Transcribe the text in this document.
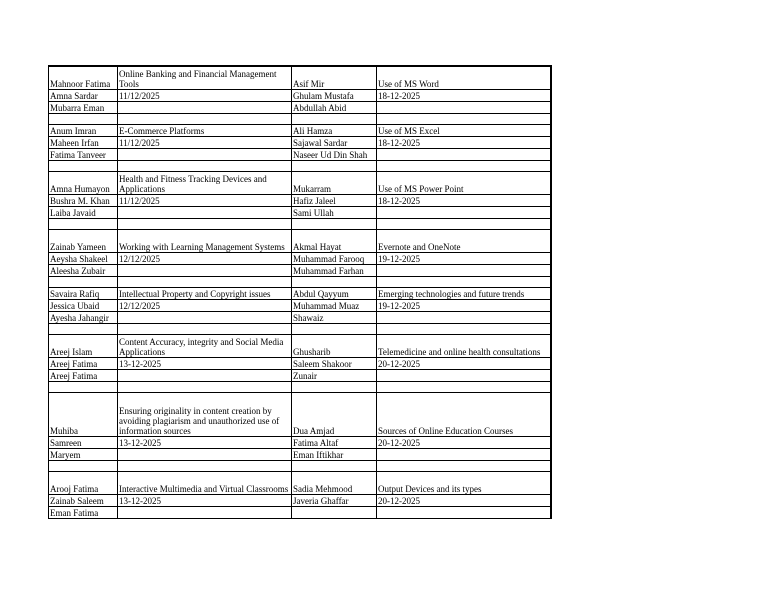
Mahnoor Fatima	Online Banking and Financial Management Tools	Asif Mir	Use of MS Word
Amna Sardar	11/12/2025	Ghulam Mustafa	18-12-2025
Mubarra Eman		Abdullah Abid	

Anum Imran	E-Commerce Platforms	Ali Hamza	Use of MS Excel
Maheen Irfan	11/12/2025	Sajawal Sardar	18-12-2025
Fatima Tanveer		Naseer Ud Din Shah	

Amna Humayon	Health and Fitness Tracking Devices and Applications	Mukarram	Use of MS Power Point
Bushra M. Khan	11/12/2025	Hafiz Jaleel	18-12-2025
Laiba Javaid		Sami Ullah	

Zainab Yameen	Working with Learning Management Systems	Akmal Hayat	Evernote and OneNote
Aeysha Shakeel	12/12/2025	Muhammad Farooq	19-12-2025
Aleesha Zubair		Muhammad Farhan	

Savaira Rafiq	Intellectual Property and Copyright issues	Abdul Qayyum	Emerging technologies and future trends
Jessica Ubaid	12/12/2025	Muhammad Muaz	19-12-2025
Ayesha Jahangir		Shawaiz	

Areej Islam	Content Accuracy, integrity and Social Media Applications	Ghusharib	Telemedicine and online health consultations
Areej Fatima	13-12-2025	Saleem Shakoor	20-12-2025
Areej Fatima		Zunair	

Muhiba	Ensuring originality in content creation by avoiding plagiarism and unauthorized use of information sources	Dua Amjad	Sources of Online Education Courses
Samreen	13-12-2025	Fatima Altaf	20-12-2025
Maryem		Eman Iftikhar	

Arooj Fatima	Interactive Multimedia and Virtual Classrooms	Sadia Mehmood	Output Devices and its types
Zainab Saleem	13-12-2025	Javeria Ghaffar	20-12-2025
Eman Fatima			
